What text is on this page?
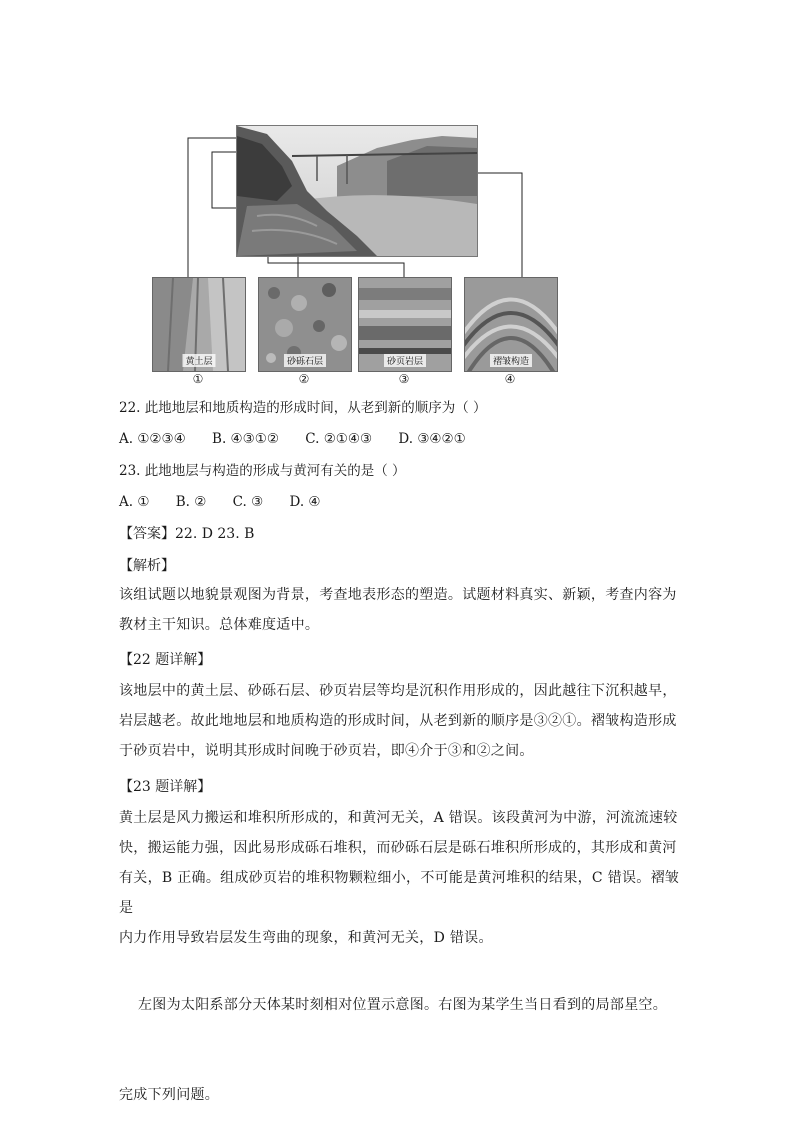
黄土层	砂砾石层	砂页岩层	褶皱构造
①	②	③	④
22. 此地地层和地质构造的形成时间，从老到新的顺序为（ ）
A. ①②③④ B. ④③①② C. ②①④③ D. ③④②①
23. 此地地层与构造的形成与黄河有关的是（ ）
A. ① B. ② C. ③ D. ④
【答案】22. D 23. B
【解析】
该组试题以地貌景观图为背景，考查地表形态的塑造。试题材料真实、新颖，考查内容为
教材主干知识。总体难度适中。
【22 题详解】
该地层中的黄土层、砂砾石层、砂页岩层等均是沉积作用形成的，因此越往下沉积越早，
岩层越老。故此地地层和地质构造的形成时间，从老到新的顺序是③②①。褶皱构造形成
于砂页岩中，说明其形成时间晚于砂页岩，即④介于③和②之间。
【23 题详解】
黄土层是风力搬运和堆积所形成的，和黄河无关，A 错误。该段黄河为中游，河流流速较
快，搬运能力强，因此易形成砾石堆积，而砂砾石层是砾石堆积所形成的，其形成和黄河
有关，B 正确。组成砂页岩的堆积物颗粒细小，不可能是黄河堆积的结果，C 错误。褶皱是
内力作用导致岩层发生弯曲的现象，和黄河无关，D 错误。

左图为太阳系部分天体某时刻相对位置示意图。右图为某学生当日看到的局部星空。

完成下列问题。
